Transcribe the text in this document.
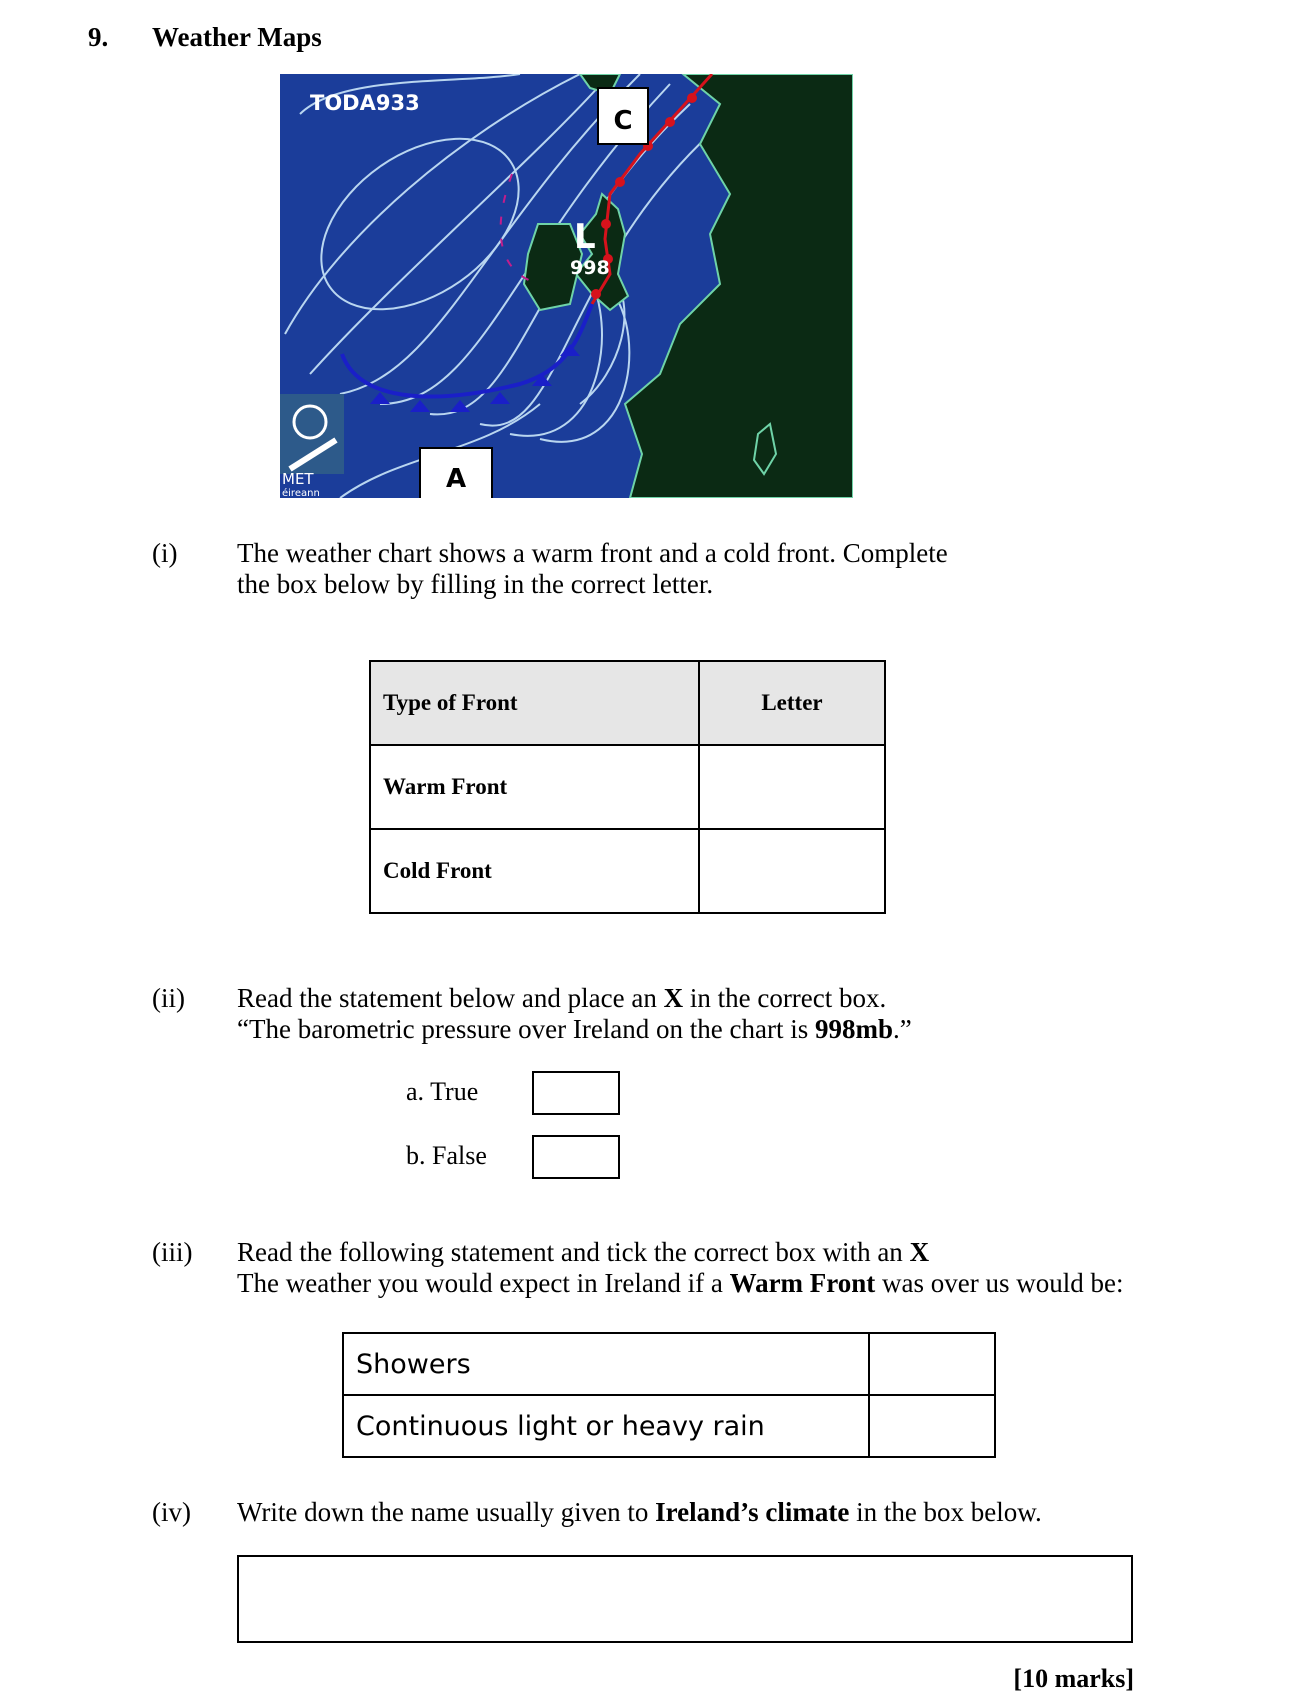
9. Weather Maps
TODA933
L
998
C
A
MET
éireann
(i) The weather chart shows a warm front and a cold front. Complete
the box below by filling in the correct letter.
Type of Front	Letter
Warm Front	
Cold Front	
(ii) Read the statement below and place an X in the correct box.
“The barometric pressure over Ireland on the chart is 998mb.”
a. True
b. False
(iii) Read the following statement and tick the correct box with an X
The weather you would expect in Ireland if a Warm Front was over us would be:
Showers	
Continuous light or heavy rain	
(iv) Write down the name usually given to Ireland’s climate in the box below.
[10 marks]
